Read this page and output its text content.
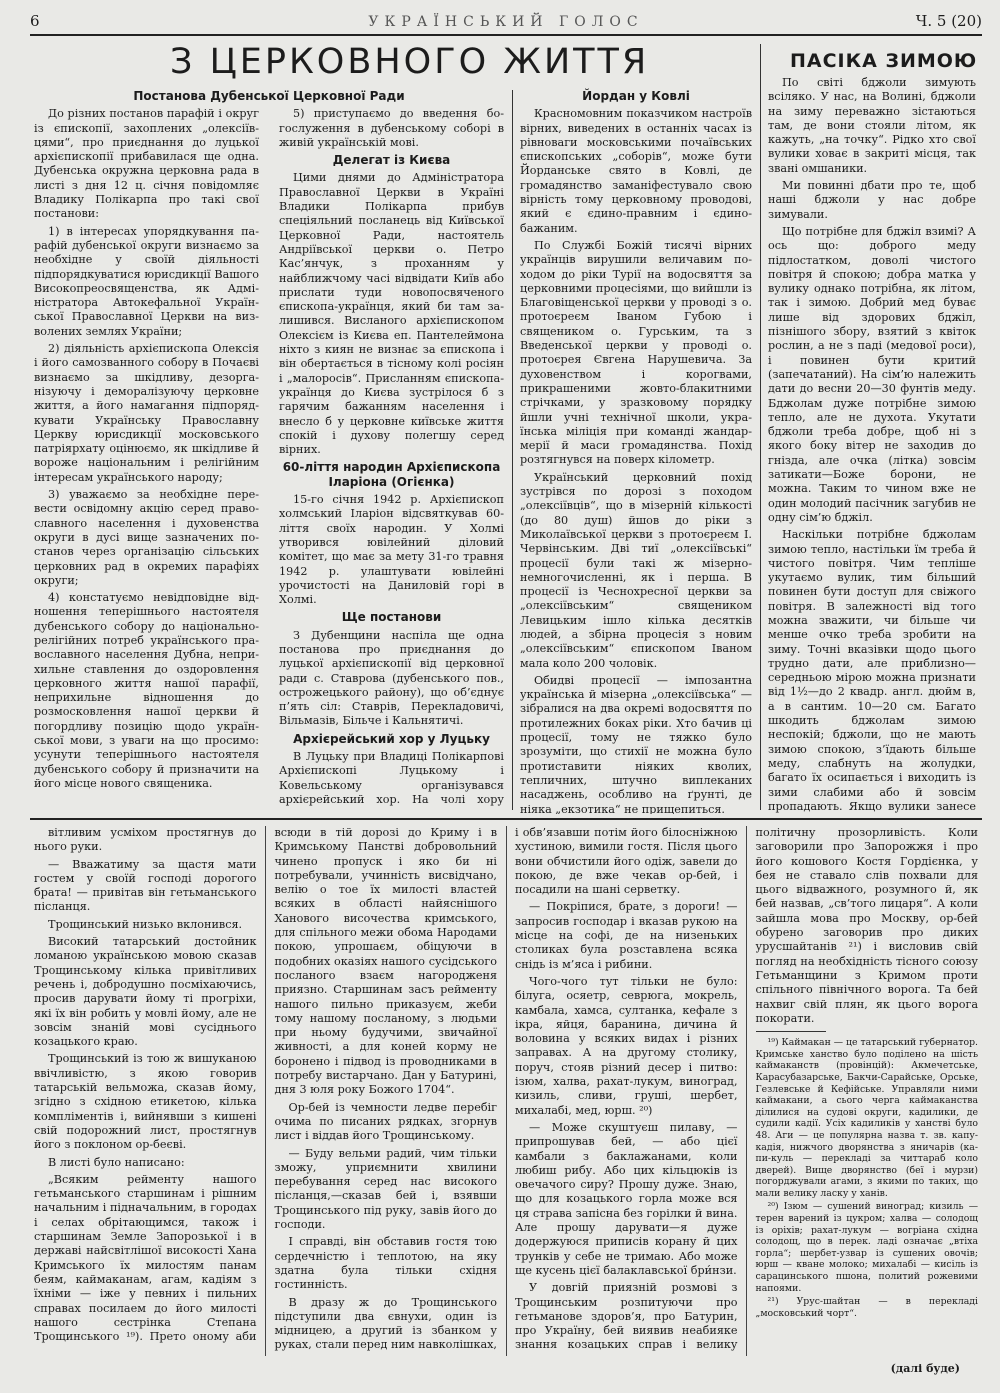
6	УКРАЇНСЬКИЙ ГОЛОС	Ч. 5 (20)
З ЦЕРКОВНОГО ЖИТТЯ	ПАСІКА ЗИМОЮ
Постанова Дубенської Церковної Ради

До різних постанов парафій і округ із єпископії, захоплених „олексіївцями“, про приєднання до луцької архієпископії прибавилася ще одна. Дубенська окружна церковна рада в листі з дня 12 ц. січня повідомляє Владику Полікарпа про такі свої постанови:

1) в інтересах упорядкування парафій дубенської округи визнаємо за необхідне у своїй діяльності підпорядкуватися юрисдикції Вашого Високопреосвященства, як Адміністратора Автокефальної Української Православної Церкви на визволених землях України;

2) діяльність архієпископа Олексія і його самозванного собору в Почаєві визнаємо за шкідливу, дезорганізуючу і деморалізуючу церковне життя, а його намагання підпорядкувати Українську Православну Церкву юрисдикції московського патріярхату оцінюємо, як шкідливе й вороже національним і релігійним інтересам українського народу;

3) уважаємо за необхідне перевести освідомну акцію серед православного населення і духовенства округи в дусі вище зазначених постанов через організацію сільських церковних рад в окремих парафіях округи;

4) констатуємо невідповідне відношення теперішнього настоятеля дубенського собору до національно-релігійних потреб українського православного населення Дубна, неприхильне ставлення до оздоровлення церковного життя нашої парафії, неприхильне відношення до розмосковлення нашої церкви й погордливу позицію щодо української мови, з уваги на що просимо: усунути теперішнього настоятеля дубенського собору й призначити на його місце нового священика.

5) приступаємо до введення богослуження в дубенському соборі в живій українській мові.

Делегат із Києва

Цими днями до Адміністратора Православної Церкви в Україні Владики Полікарпа прибув спеціяльний посланець від Київської Церковної Ради, настоятель Андріївської церкви о. Петро Кас’янчук, з проханням у найближчому часі відвідати Київ або прислати туди новопосвяченого єпископа-українця, який би там залишився. Висланого архієпископом Олексієм із Києва еп. Пантелеймона ніхто з киян не визнає за єпископа і він обертається в тісному колі росіян і „малоросів“. Присланням єпископа-українця до Києва зустрілося б з гарячим бажанням населення і внесло б у церковне київське життя спокій і духову полегшу серед вірних.

60-ліття народин Архієпископа Іларіона (Огієнка)

15-го січня 1942 р. Архієпископ холмський Іларіон відсвяткував 60-ліття своїх народин. У Холмі утворився ювілейний діловий комітет, що має за мету 31-го травня 1942 р. улаштувати ювілейні урочистості на Даниловій горі в Холмі.

Ще постанови

З Дубенщини наспіла ще одна постанова про приєднання до луцької архієпископії від церковної ради с. Ставрова (дубенського пов., острожецького району), що об’єднує п’ять сіл: Ставрів, Перекладовичі, Вільмазів, Більче і Кальнятичі.

Архієрейський хор у Луцьку

В Луцьку при Владиці Полікарпові Архієпископі Луцькому і Ковельському організувався архієрейський хор. На чолі хору

Йордан у Ковлі

Красномовним показчиком настроїв вірних, виведених в останніх часах із рівноваги московськими почаївських єпископських „соборів“, може бути Йорданське свято в Ковлі, де громадянство заманіфестувало свою вірність тому церковному проводові, який є єдино-правним і єдино-бажаним.

По Службі Божій тисячі вірних українців вирушили величавим походом до ріки Турії на водосвяття за церковними процесіями, що вийшли із Благовіщенської церкви у проводі з о. протоєреєм Іваном Губою і священиком о. Гурським, та з Введенської церкви у проводі о. протоєрея Євгена Нарушевича. За духовенством і корогвами, прикрашеними жовто-блакитними стрічками, у зразковому порядку йшли учні технічної школи, українська міліція при команді жандармерії й маси громадянства. Похід розтягнувся на поверх кілометр.

Український церковний похід зустрівся по дорозі з походом „олексіївців“, що в мізерній кількості (до 80 душ) йшов до ріки з Миколаївської церкви з протоєреєм І. Червінським. Дві тиї „олексіївські“ процесії були такі ж мізерно-немногочисленні, як і перша. В процесії із Чеснохресної церкви за „олексіївським“ священиком Левицьким ішло кілька десятків людей, а збірна процесія з новим „олексіївським“ єпископом Іваном мала коло 200 чоловік.

Обидві процесії — імпозантна українська й мізерна „олексіївська“ — зібралися на два окремі водосвяття по протилежних боках ріки. Хто бачив ці процесії, тому не тяжко було зрозуміти, що стихії не можна було протиставити ніяких кволих, тепличних, штучно виплеканих насаджень, особливо на ґрунті, де ніяка „екзотика“ не прищепиться.

По світі бджоли зимують всіляко. У нас, на Волині, бджоли на зиму переважно зістаються там, де вони стояли літом, як кажуть, „на точку“. Рідко хто свої вулики ховає в закриті місця, так звані омшаники.

Ми повинні дбати про те, щоб наші бджоли у нас добре зимували.

Що потрібне для бджіл взимі? А ось що: доброго меду підлостатком, доволі чистого повітря й спокою; добра матка у вулику однако потрібна, як літом, так і зимою. Добрий мед буває лише від здорових бджіл, пізнішого збору, взятий з квіток рослин, а не з паді (медової роси), і повинен бути критий (запечатаний). На сім’ю належить дати до весни 20—30 фунтів меду. Бджолам дуже потрібне зимою тепло, але не духота. Укутати бджоли треба добре, щоб ні з якого боку вітер не заходив до гнізда, але очка (літка) зовсім затикати—Боже борони, не можна. Таким то чином вже не один молодий пасічник загубив не одну сім’ю бджіл.

Наскільки потрібне бджолам зимою тепло, настільки їм треба й чистого повітря. Чим тепліше укутаємо вулик, тим більший повинен бути доступ для свіжого повітря. В залежності від того можна зважити, чи більше чи менше очко треба зробити на зиму. Точні вказівки щодо цього трудно дати, але приблизно—середньою мірою можна признати від 1½—до 2 квадр. англ. дюйм в, а в сантим. 10—20 см. Багато шкодить бджолам зимою неспокій; бджоли, що не мають зимою спокою, з’їдають більше меду, слабнуть на жолудки, багато їх осипається і виходить із зими слабими або й зовсім пропадають. Якщо вулики занесе

вітливим усміхом простягнув до нього руки.

— Вважатиму за щастя мати гостем у своїй господі дорогого брата! — привітав він гетьманського післанця.

Трощинський низько вклонився.

Високий татарський достойник ломаною українською мовою сказав Трощинському кілька привітливих речень і, добродушно посміхаючись, просив дарувати йому ті прогріхи, які їх він робить у мовлі йому, але не зовсім знаній мові сусіднього козацького краю.

Трощинський із тою ж вишуканою ввічливістю, з якою говорив татарській вельможа, сказав йому, згідно з східною етикетою, кілька компліментів і, вийнявши з кишені свій подорожний лист, простягнув його з поклоном ор-беєві.

В листі було написано:

„Всяким рейменту нашого гетьманського старшинам і рішним начальним і підначальним, в городах і селах обрітающимся, також і старшинам Земле Запорозької і в державі найсвітлішої високості Хана Кримського їх милостям панам беям, каймаканам, агам, кадіям з їхніми — іже у певних і пильних справах посилаем до його милості нашого сестрінка Степана Трощинського ¹⁹). Прето оному аби всюди в тій дорозі до Криму і в Кримському Панстві добровольний чинено пропуск і яко би ні потребували, учинність висвідчано, велію о тое їх милості властей всяких в області найяснішого Ханового височества кримського, для спільного межи обома Народами покою, упрошаєм, обіцуючи в подобних оказіях нашого сусідського посланого взаєм нагородженя приязно. Старшинам засъ рейменту нашого пильно приказуєм, жеби тому нашому посланому, з людьми при ньому будучими, звичайної живності, а для коней корму не боронено і підвод із проводниками в потребу вистарчано. Дан у Батурині, дня 3 юля року Божого 1704“.

Ор-бей із чемности ледве перебіг очима по писаних рядках, згорнув лист і віддав його Трощинському.

— Буду вельми радий, чим тільки зможу, уприємнити хвилини перебування серед нас високого післанця,—сказав бей і, взявши Трощинського під руку, завів його до господи.

І справді, він обставив гостя тою сердечністю і теплотою, на яку здатна була тільки східня гостинність.

В дразу ж до Трощинського підступили два євнухи, один із мідницею, а другий із збанком у руках, стали перед ним навколішках, і обв’язавши потім його білосніжною хустиною, вимили гостя. Після цього вони обчистили його одіж, завели до покою, де вже чекав ор-бей, і посадили на шані серветку.

— Покріпися, брате, з дороги! — запросив господар і вказав рукою на місце на софі, де на низеньких столиках була розставлена всяка снідь із м’яса і рибини.

Чого-чого тут тільки не було: білуга, осяетр, севрюга, мокрель, камбала, хамса, султанка, кефале з ікра, яйця, баранина, дичина й воловина у всяких видах і різних заправах. А на другому столику, поруч, стояв різний десер і питво: ізюм, халва, рахат-лукум, виноград, кизиль, сливи, груші, шербет, михалабі, мед, юрш. ²⁰)

— Може скуштуєш пилаву, — припрошував бей, — або цієї камбали з баклажанами, коли любиш рибу. Або цих кільцюків із овечачого сиру? Прошу дуже. Знаю, що для козацького горла може вся ця страва запісна без горілки й вина. Але прошу дарувати—я дуже додержуюся приписів корану й цих трунків у себе не тримаю. Або може ще кусень цієї балаклавської бри́нзи.

У довгій приязній розмові з Трощинським розпитуючи про гетьманове здоров’я, про Батурин, про Україну, бей виявив неабияке знання козацьких справ і велику політичну прозорливість. Коли заговорили про Запорожжя і про його кошового Костя Гордієнка, у бея не ставало слів похвали для цього відважного, розумного й, як бей назвав, „св’того лицаря“. А коли зайшла мова про Москву, ор-бей обурено заговорив про диких урусшайтанів ²¹) і висловив свій погляд на необхідність тісного союзу Гетьманщини з Кримом проти спільного північного ворога. Та бей нахвиг свій плян, як цього ворога покорати.

¹⁹) Каймакан — це татарський губернатор. Кримське ханство було поділено на шість каймаканств (провінцій): Акмечетське, Карасубазарське, Бакчи-Сарайське, Орське, Гезлевське й Кефійське. Управляли ними каймакани, а сього черга каймаканства ділилися на судові округи, кадилики, де судили кадії. Усіх кадиликів у ханстві було 48. Аги — це популярна назва т. зв. капу-кадія, нижчого дворянства з яничарів (ка-пи-куль — перекладі за читтараб коло дверей). Вище дворянство (беї і мурзи) погорджували агами, з якими по таких, що мали велику ласку у ханів.

²⁰) Ізюм — сушений виноград; кизиль — терен варений із цукром; халва — солодощ із оріхів; рахат-лукум — вогріана східна солодощ, що в перек. ладі означає „втіха горла“; шербет-узвар із сушених овочів; юрш — кване молоко; михалабі — кисіль із сарацинського пшона, политий рожевими напоями.

²¹) Урус-шайтан — в перекладі „московський чорт“.

(далі буде)
